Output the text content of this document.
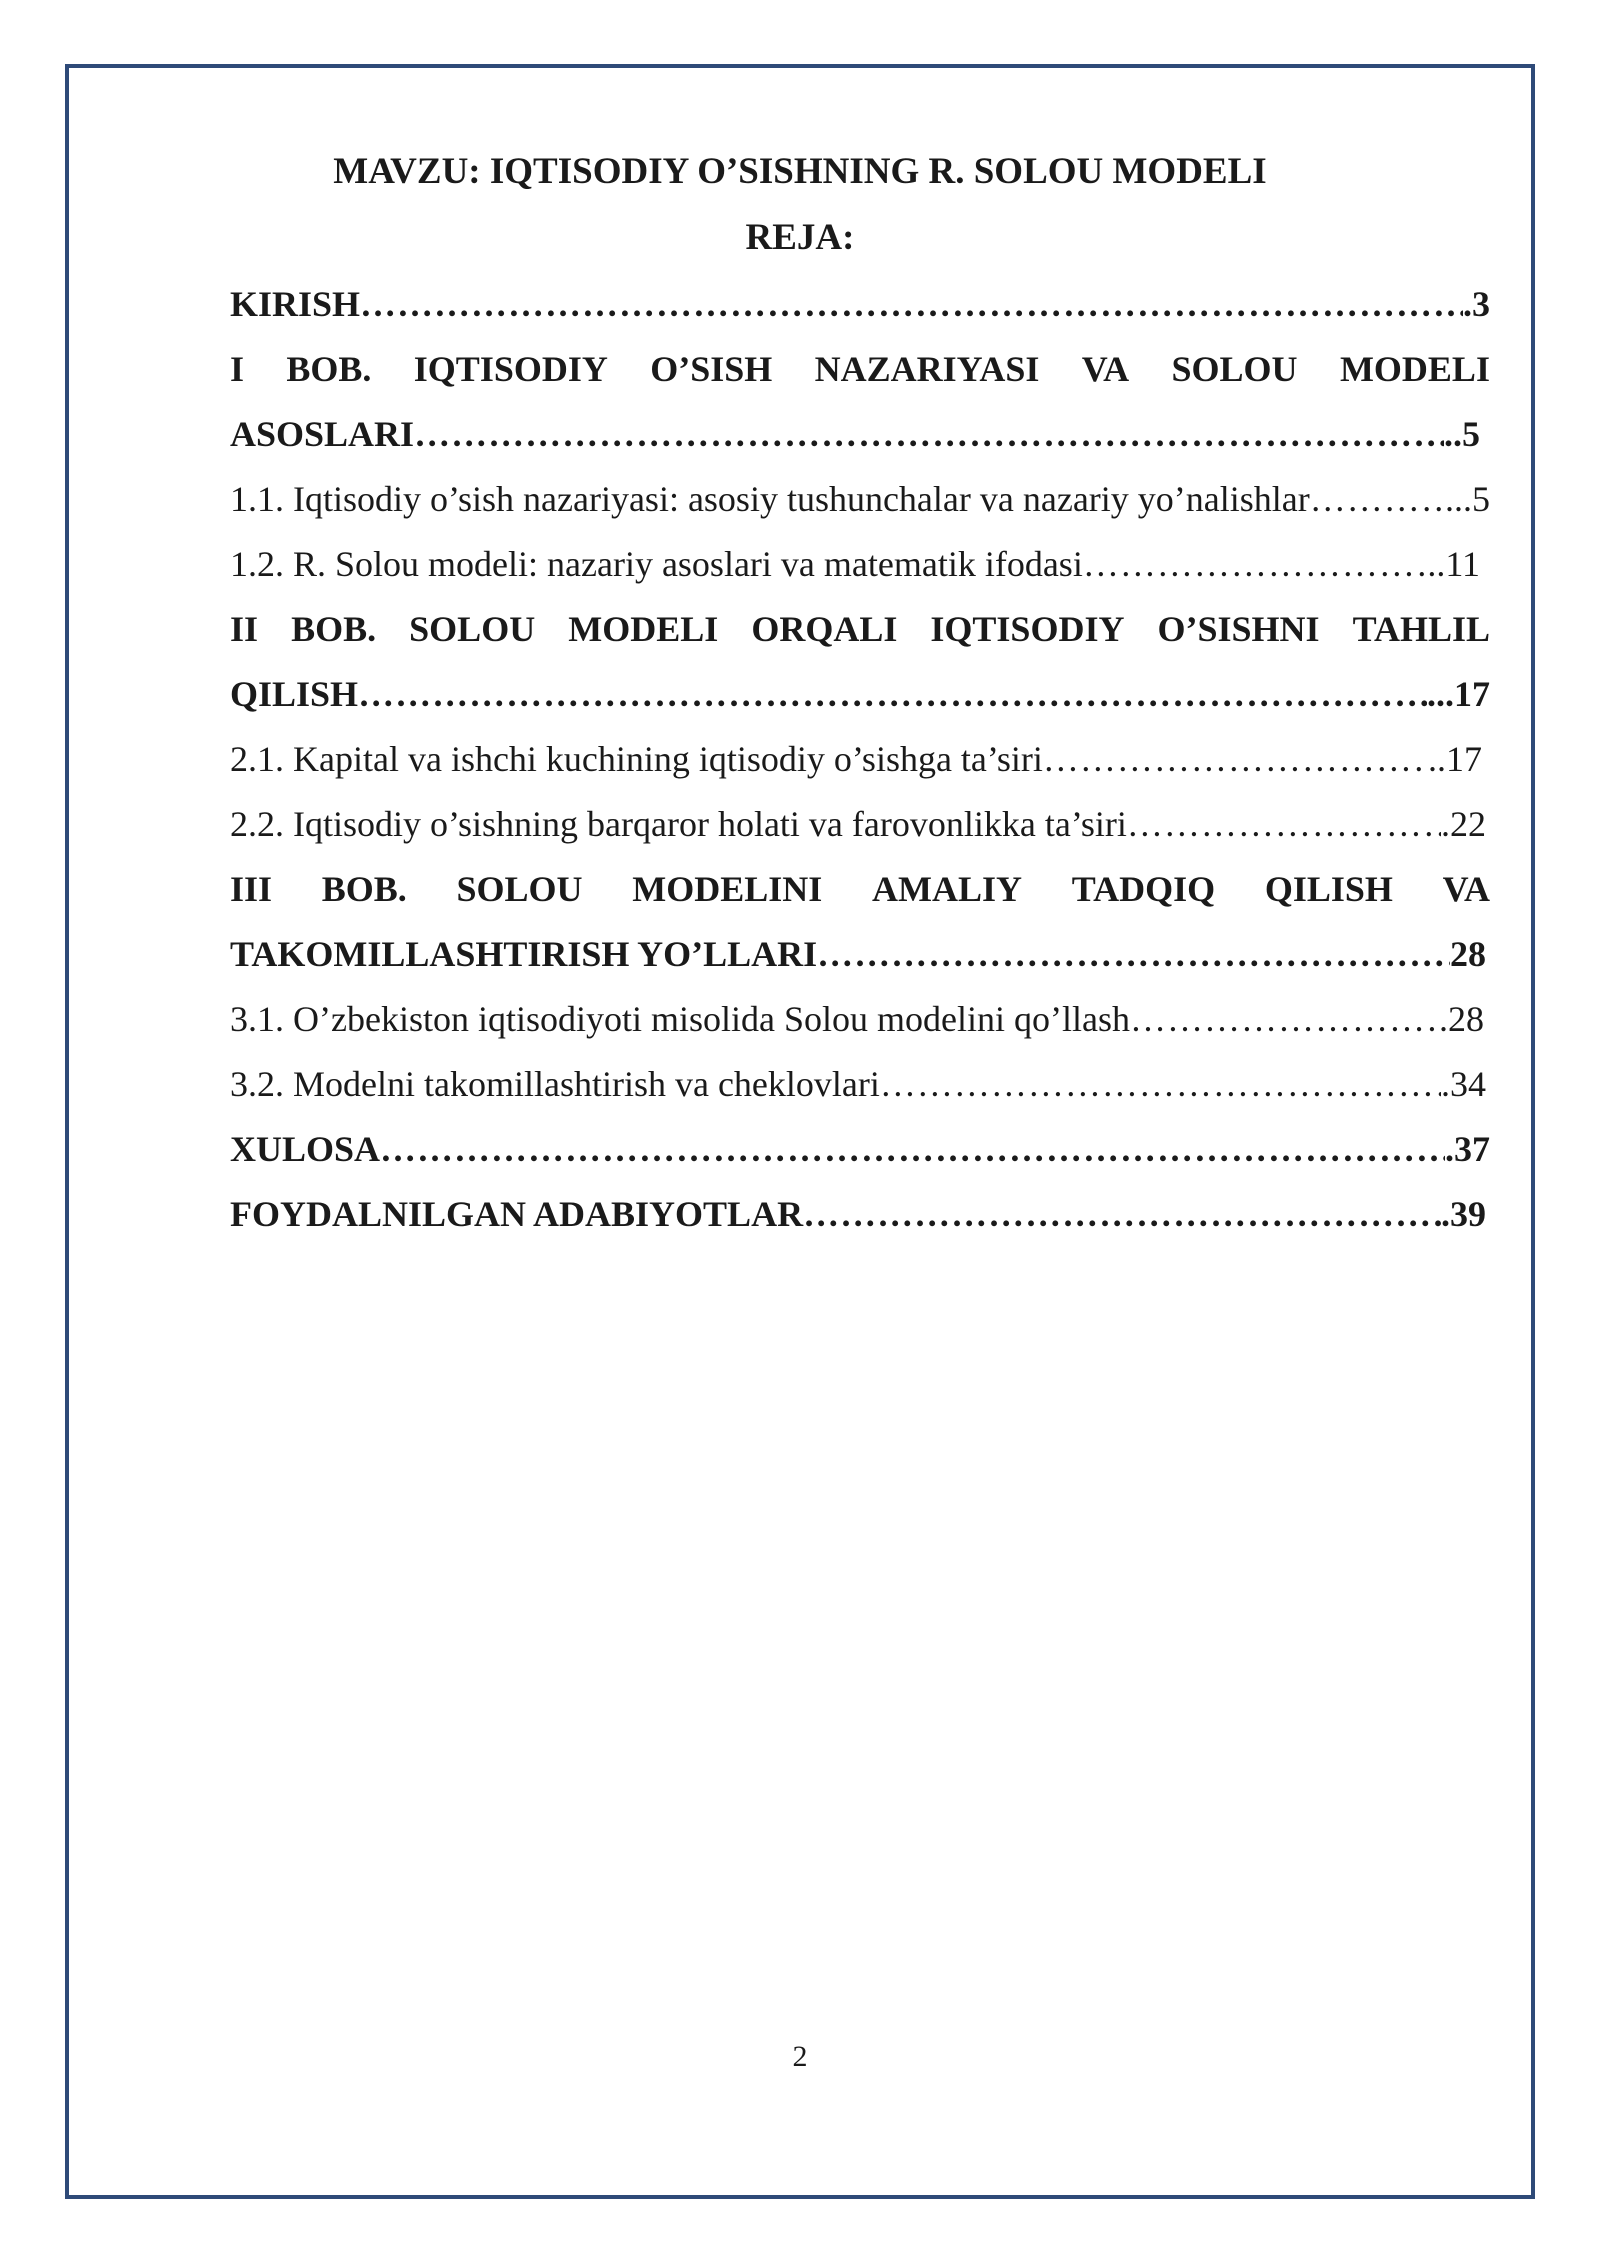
MAVZU: IQTISODIY O’SISHNING R. SOLOU MODELI
REJA:
KIRISH ……………………………………………………………………………………………………………………………………………………………………………………………………………………	.3
I BOB. IQTISODIY O’SISH NAZARIYASI VA SOLOU MODELI
ASOSLARI ……………………………………………………………………………………………………………………………………………………………………………………………………………………	..5
1.1. Iqtisodiy o’sish nazariyasi: asosiy tushunchalar va nazariy yo’nalishlar ……………………………………………………………………………………………………………………………………………………………………………………………………………………	...5
1.2. R. Solou modeli: nazariy asoslari va matematik ifodasi ……………………………………………………………………………………………………………………………………………………………………………………………………………………	..11
II BOB. SOLOU MODELI ORQALI IQTISODIY O’SISHNI TAHLIL
QILISH ……………………………………………………………………………………………………………………………………………………………………………………………………………………	...17
2.1. Kapital va ishchi kuchining iqtisodiy o’sishga ta’siri ……………………………………………………………………………………………………………………………………………………………………………………………………………………	..17
2.2. Iqtisodiy o’sishning barqaror holati va farovonlikka ta’siri ……………………………………………………………………………………………………………………………………………………………………………………………………………………	.22
III BOB. SOLOU MODELINI AMALIY TADQIQ QILISH VA
TAKOMILLASHTIRISH YO’LLARI ……………………………………………………………………………………………………………………………………………………………………………………………………………………	28
3.1. O’zbekiston iqtisodiyoti misolida Solou modelini qo’llash ……………………………………………………………………………………………………………………………………………………………………………………………………………………	.28
3.2. Modelni takomillashtirish va cheklovlari ……………………………………………………………………………………………………………………………………………………………………………………………………………………	.34
XULOSA ……………………………………………………………………………………………………………………………………………………………………………………………………………………	.37
FOYDALNILGAN ADABIYOTLAR ……………………………………………………………………………………………………………………………………………………………………………………………………………………	.39
2
